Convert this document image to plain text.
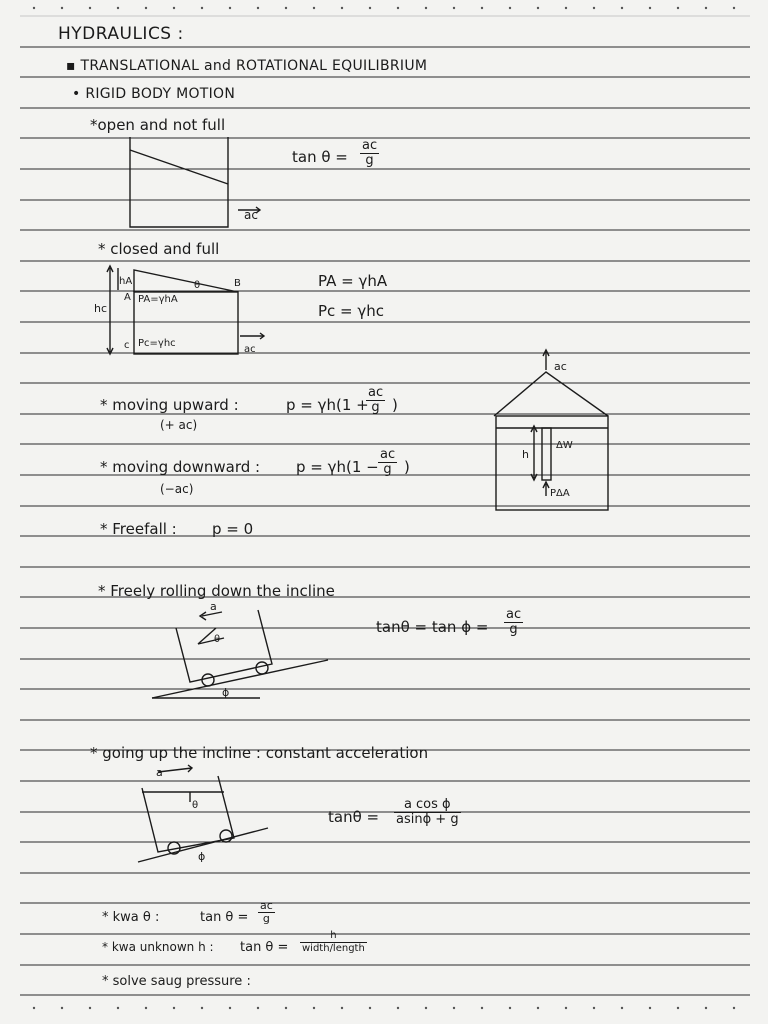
HYDRAULICS :
▪ TRANSLATIONAL and ROTATIONAL EQUILIBRIUM
• RIGID BODY MOTION
*open and not full
ac
$\tan \theta = \frac{ac}{g}$
* closed and full
hA
hc
A
B
c
θ
PA=γhA
Pc=γhc
ac
PA = γhA
Pc = γhc
* moving upward :
(+ ac)
p = γh(1 +
$\frac{ac}{g}$ )
* moving downward :
(−ac)
$p = \gamma h(1 - \frac{ac}{g}$ )
ac
h
ΔW
PΔA
* Freefall : p = 0
* Freely rolling down the incline
a
θ
ϕ
$\tan\theta = \tan \phi = \frac{ac}{g}$
* going up the incline : constant acceleration
a
θ
ϕ
$\tan\theta = \frac{\text{a cos ϕ}}{asin\phi + g}$
* kwa θ :	$\tan \theta = \frac{ac}{g}$
* kwa unknown h : tan θ =
h
width/length
* solve saug pressure :
